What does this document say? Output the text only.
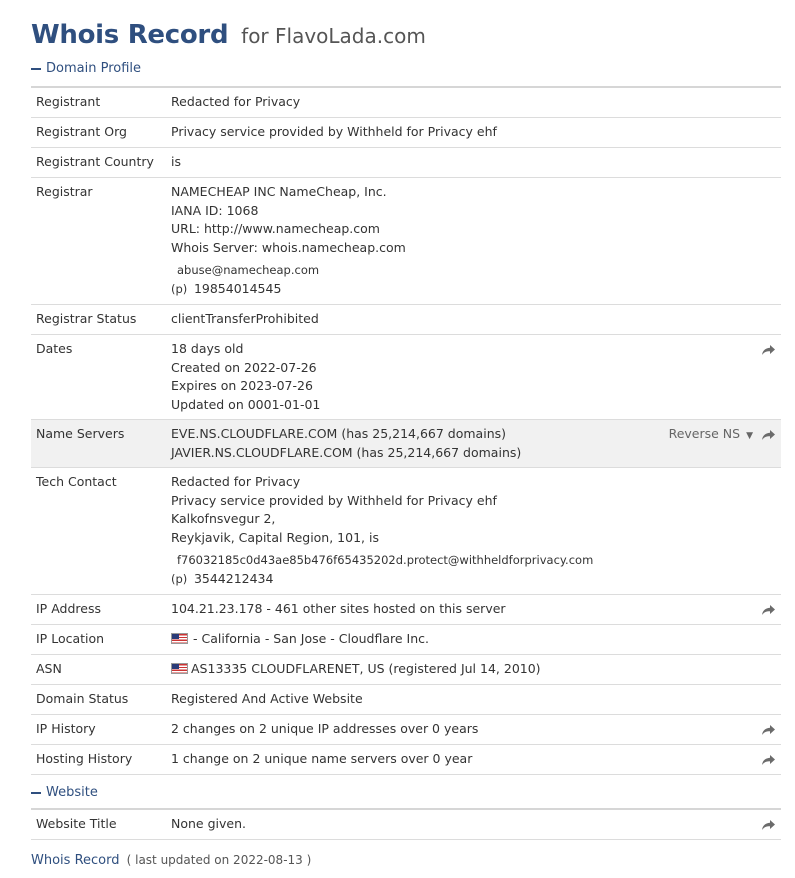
Whois Record for FlavoLada.com
Domain Profile
Registrant	Redacted for Privacy
Registrant Org	Privacy service provided by Withheld for Privacy ehf
Registrant Country is
Registrar	NAMECHEAP INC NameCheap, Inc.
IANA ID: 1068
URL: http://www.namecheap.com
Whois Server: whois.namecheap.com
abuse@namecheap.com
(p) 19854014545
Registrar Status	clientTransferProhibited
Dates	18 days old
Created on 2022-07-26
Expires on 2023-07-26
Updated on 0001-01-01
Name Servers	EVE.NS.CLOUDFLARE.COM (has 25,214,667 domains)
JAVIER.NS.CLOUDFLARE.COM (has 25,214,667 domains)
Reverse NS ▼
Tech Contact	Redacted for Privacy
Privacy service provided by Withheld for Privacy ehf
Kalkofnsvegur 2,
Reykjavik, Capital Region, 101, is
f76032185c0d43ae85b476f65435202d.protect@withheldforprivacy.com
(p) 3544212434
IP Address	104.21.23.178 - 461 other sites hosted on this server
IP Location	- California - San Jose - Cloudflare Inc.
ASN	AS13335 CLOUDFLARENET, US (registered Jul 14, 2010)
Domain Status	Registered And Active Website
IP History	2 changes on 2 unique IP addresses over 0 years
Hosting History	1 change on 2 unique name servers over 0 year
Website
Website Title	None given.
Whois Record ( last updated on 2022-08-13 )
